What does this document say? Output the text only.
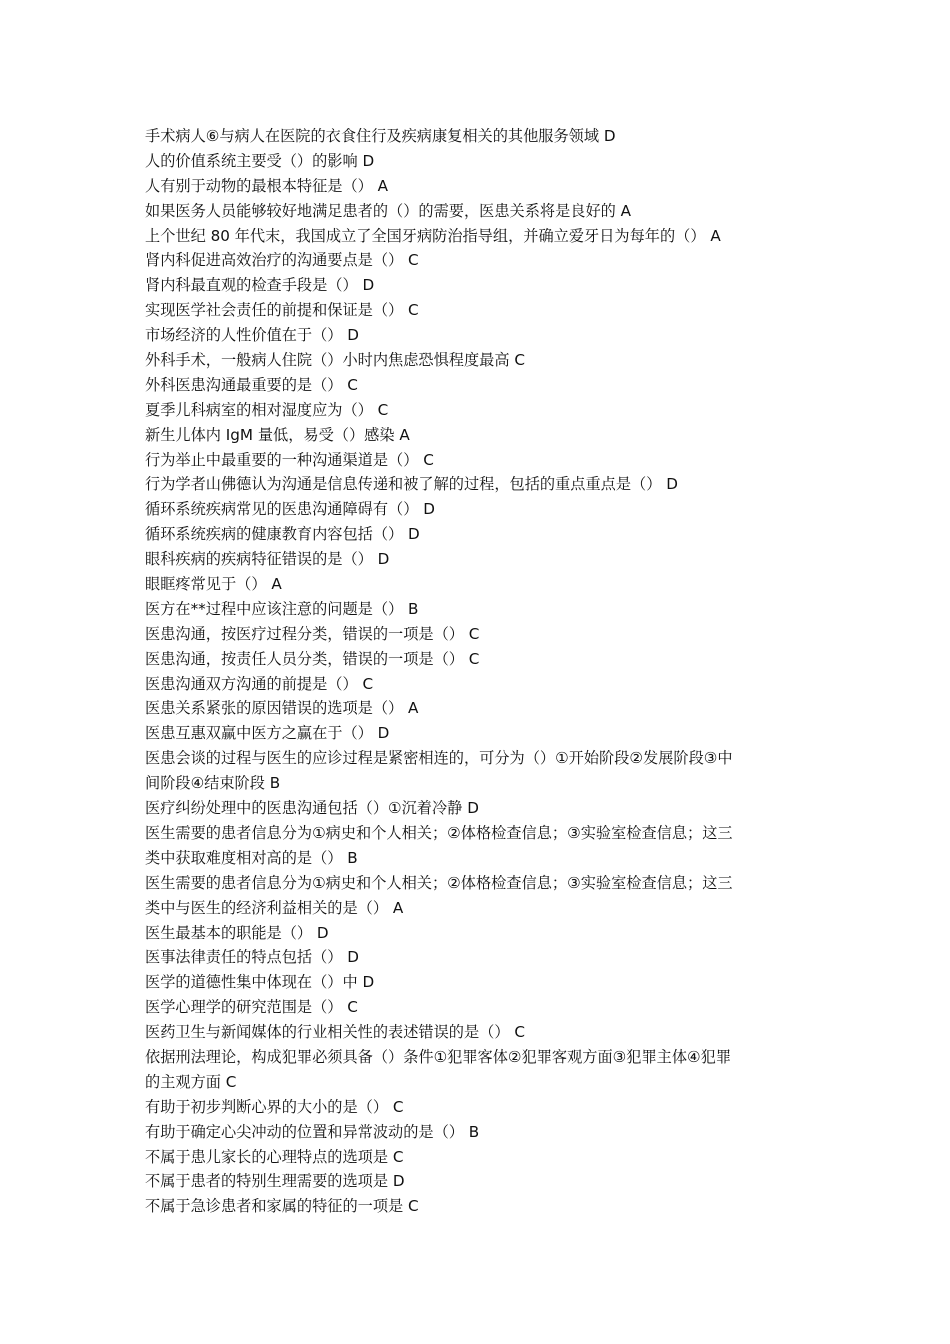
手术病人⑥与病人在医院的衣食住行及疾病康复相关的其他服务领域 D
人的价值系统主要受（）的影响 D
人有别于动物的最根本特征是（） A
如果医务人员能够较好地满足患者的（）的需要，医患关系将是良好的 A
上个世纪 80 年代末，我国成立了全国牙病防治指导组，并确立爱牙日为每年的（） A
肾内科促进高效治疗的沟通要点是（） C
肾内科最直观的检查手段是（） D
实现医学社会责任的前提和保证是（） C
市场经济的人性价值在于（） D
外科手术，一般病人住院（）小时内焦虑恐惧程度最高 C
外科医患沟通最重要的是（） C
夏季儿科病室的相对湿度应为（） C
新生儿体内 IgM 量低，易受（）感染 A
行为举止中最重要的一种沟通渠道是（） C
行为学者山佛德认为沟通是信息传递和被了解的过程，包括的重点重点是（） D
循环系统疾病常见的医患沟通障碍有（） D
循环系统疾病的健康教育内容包括（） D
眼科疾病的疾病特征错误的是（） D
眼眶疼常见于（） A
医方在**过程中应该注意的问题是（） B
医患沟通，按医疗过程分类，错误的一项是（） C
医患沟通，按责任人员分类，错误的一项是（） C
医患沟通双方沟通的前提是（） C
医患关系紧张的原因错误的选项是（） A
医患互惠双赢中医方之赢在于（） D
医患会谈的过程与医生的应诊过程是紧密相连的，可分为（）①开始阶段②发展阶段③中
间阶段④结束阶段 B
医疗纠纷处理中的医患沟通包括（）①沉着冷静 D
医生需要的患者信息分为①病史和个人相关；②体格检查信息；③实验室检查信息；这三
类中获取难度相对高的是（） B
医生需要的患者信息分为①病史和个人相关；②体格检查信息；③实验室检查信息；这三
类中与医生的经济利益相关的是（） A
医生最基本的职能是（） D
医事法律责任的特点包括（） D
医学的道德性集中体现在（）中 D
医学心理学的研究范围是（） C
医药卫生与新闻媒体的行业相关性的表述错误的是（） C
依据刑法理论，构成犯罪必须具备（）条件①犯罪客体②犯罪客观方面③犯罪主体④犯罪
的主观方面 C
有助于初步判断心界的大小的是（） C
有助于确定心尖冲动的位置和异常波动的是（） B
不属于患儿家长的心理特点的选项是 C
不属于患者的特别生理需要的选项是 D
不属于急诊患者和家属的特征的一项是 C
